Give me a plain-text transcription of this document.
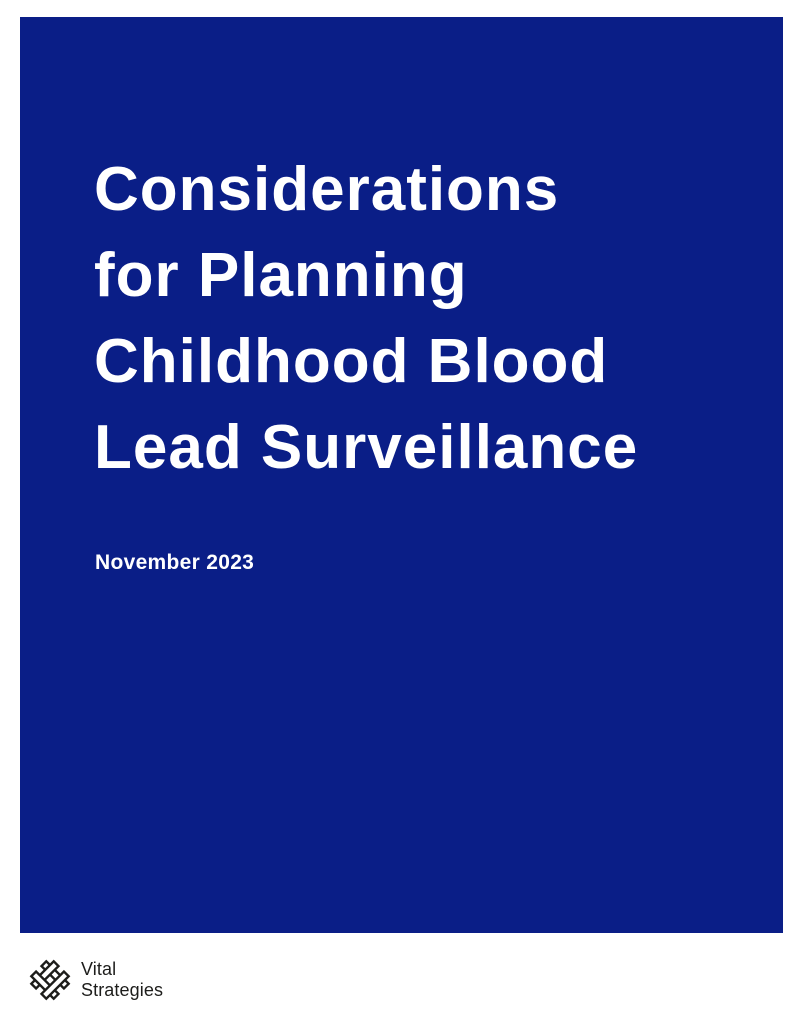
Considerations
for Planning
Childhood Blood
Lead Surveillance
November 2023
Vital
Strategies
